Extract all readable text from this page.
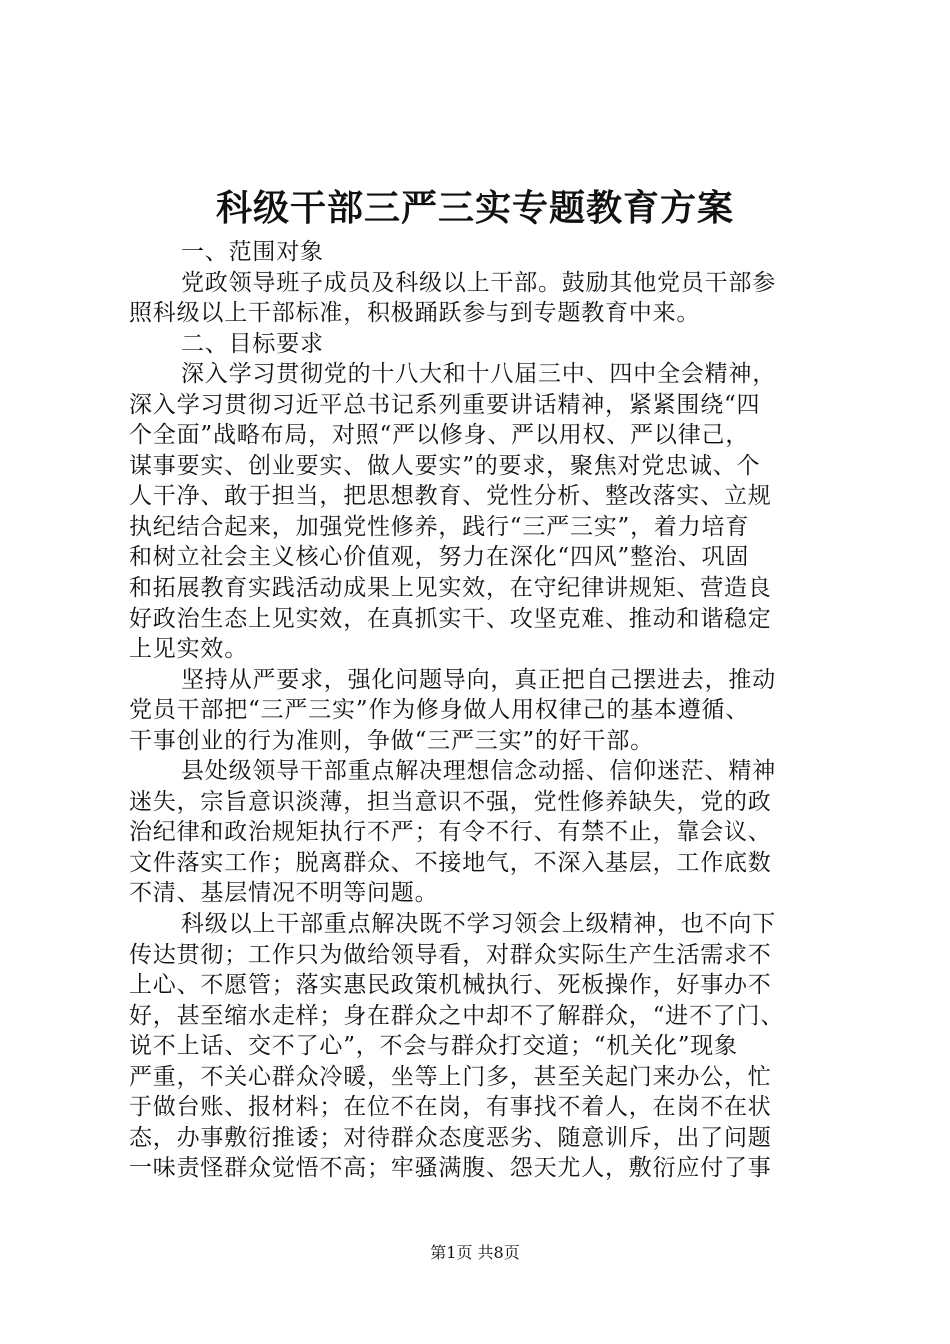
科级干部三严三实专题教育方案
一、范围对象
党政领导班子成员及科级以上干部。鼓励其他党员干部参
照科级以上干部标准，积极踊跃参与到专题教育中来。
二、目标要求
深入学习贯彻党的十八大和十八届三中、四中全会精神，
深入学习贯彻习近平总书记系列重要讲话精神，紧紧围绕“四
个全面”战略布局，对照“严以修身、严以用权、严以律己，
谋事要实、创业要实、做人要实”的要求，聚焦对党忠诚、个
人干净、敢于担当，把思想教育、党性分析、整改落实、立规
执纪结合起来，加强党性修养，践行“三严三实”，着力培育
和树立社会主义核心价值观，努力在深化“四风”整治、巩固
和拓展教育实践活动成果上见实效，在守纪律讲规矩、营造良
好政治生态上见实效，在真抓实干、攻坚克难、推动和谐稳定
上见实效。
坚持从严要求，强化问题导向，真正把自己摆进去，推动
党员干部把“三严三实”作为修身做人用权律己的基本遵循、
干事创业的行为准则，争做“三严三实”的好干部。
县处级领导干部重点解决理想信念动摇、信仰迷茫、精神
迷失，宗旨意识淡薄，担当意识不强，党性修养缺失，党的政
治纪律和政治规矩执行不严；有令不行、有禁不止，靠会议、
文件落实工作；脱离群众、不接地气，不深入基层，工作底数
不清、基层情况不明等问题。
科级以上干部重点解决既不学习领会上级精神，也不向下
传达贯彻；工作只为做给领导看，对群众实际生产生活需求不
上心、不愿管；落实惠民政策机械执行、死板操作，好事办不
好，甚至缩水走样；身在群众之中却不了解群众，“进不了门、
说不上话、交不了心”，不会与群众打交道；“机关化”现象
严重，不关心群众冷暖，坐等上门多，甚至关起门来办公，忙
于做台账、报材料；在位不在岗，有事找不着人，在岗不在状
态，办事敷衍推诿；对待群众态度恶劣、随意训斥，出了问题
一味责怪群众觉悟不高；牢骚满腹、怨天尤人，敷衍应付了事
第1页 共8页
